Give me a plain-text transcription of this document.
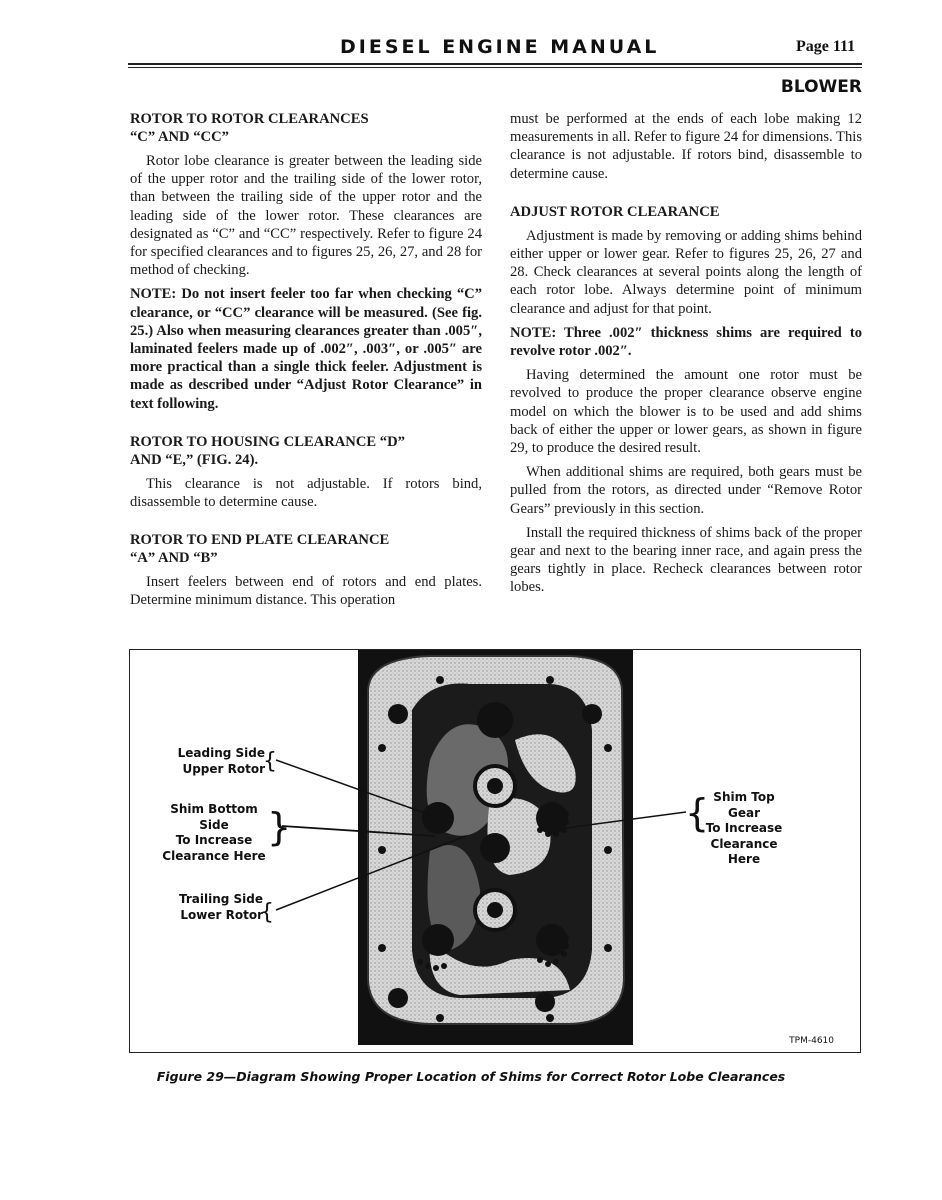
DIESEL ENGINE MANUAL	Page 111
BLOWER
ROTOR TO ROTOR CLEARANCES
“C” AND “CC”

Rotor lobe clearance is greater between the leading side of the upper rotor and the trailing side of the lower rotor, than between the trailing side of the upper rotor and the leading side of the lower rotor. These clearances are designated as “C” and “CC” respectively. Refer to figure 24 for specified clearances and to figures 25, 26, 27, and 28 for method of checking.

NOTE: Do not insert feeler too far when checking “C” clearance, or “CC” clearance will be measured. (See fig. 25.) Also when measuring clearances greater than .005″, laminated feelers made up of .002″, .003″, or .005″ are more practical than a single thick feeler. Adjustment is made as described under “Adjust Rotor Clearance” in text following.

ROTOR TO HOUSING CLEARANCE “D”
AND “E,” (FIG. 24).

This clearance is not adjustable. If rotors bind, disassemble to determine cause.

ROTOR TO END PLATE CLEARANCE
“A” AND “B”

Insert feelers between end of rotors and end plates. Determine minimum distance. This operation

must be performed at the ends of each lobe making 12 measurements in all. Refer to figure 24 for dimensions. This clearance is not adjustable. If rotors bind, disassemble to determine cause.

ADJUST ROTOR CLEARANCE

Adjustment is made by removing or adding shims behind either upper or lower gear. Refer to figures 25, 26, 27 and 28. Check clearances at several points along the length of each rotor lobe. Always determine point of minimum clearance and adjust for that point.

NOTE: Three .002″ thickness shims are required to revolve rotor .002″.

Having determined the amount one rotor must be revolved to produce the proper clearance observe engine model on which the blower is to be used and add shims back of either the upper or lower gears, as shown in figure 29, to produce the desired result.

When additional shims are required, both gears must be pulled from the rotors, as directed under “Remove Rotor Gears” previously in this section.

Install the required thickness of shims back of the proper gear and next to the bearing inner race, and again press the gears tightly in place. Recheck clearances between rotor lobes.

{
}
{
{
Leading Side
Upper Rotor
Shim Bottom Side
To Increase
Clearance Here
Trailing Side
Lower Rotor
Shim Top Gear
To Increase
Clearance Here
TPM-4610
Figure 29—Diagram Showing Proper Location of Shims for Correct Rotor Lobe Clearances
